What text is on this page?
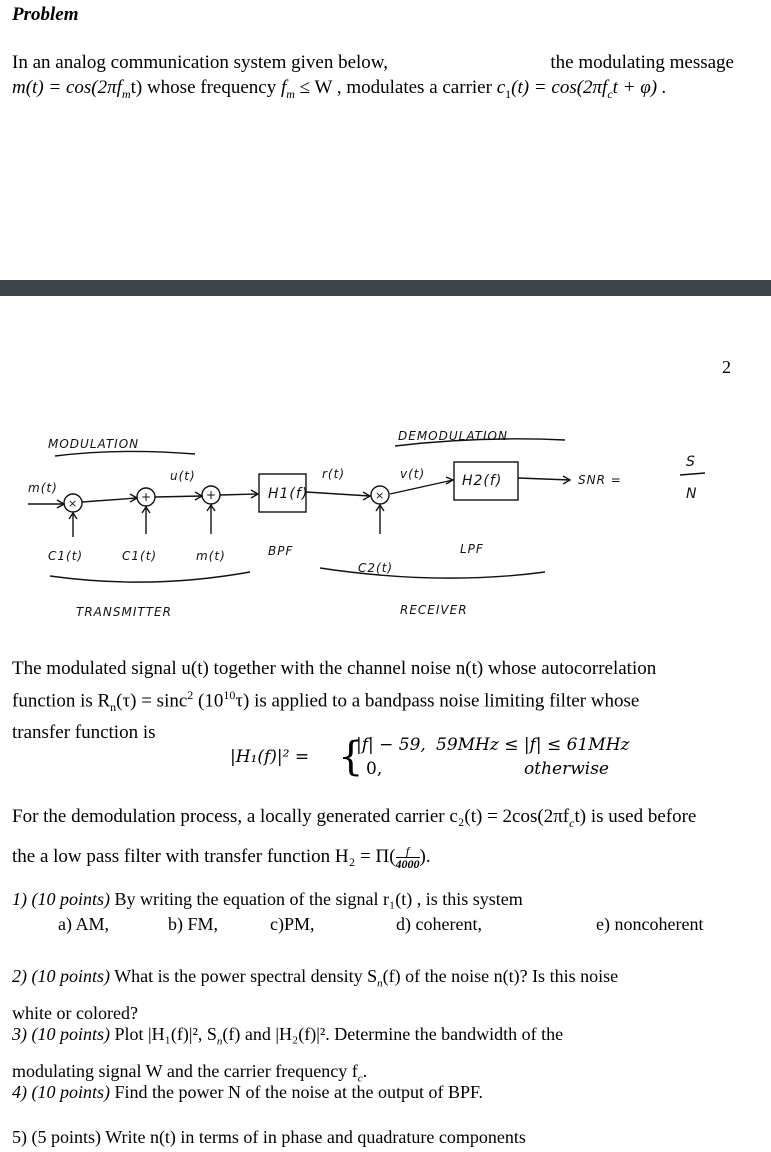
Problem
In an analog communication system given below,	the modulating message
$m(t) = \cos(2\pi f_mt)$ whose frequency $f_m \le W$ , modulates a carrier $c_1(t) = \cos(2\pi f_ct + \varphi)$ .
2
MODULATION
DEMODULATION
m(t)
u(t)	r(t)	v(t)
H1(f)
H2(f)	SNR =
S
N
C1(t)	C1(t)	m(t)	BPF
C2(t)
LPF
TRANSMITTER	RECEIVER
×	+	+	×
The modulated signal u(t) together with the channel noise n(t) whose autocorrelation
function is $R_n(\tau) = \sin c^2$ $(10^{10}\tau)$ is applied to a bandpass noise limiting filter whose
transfer function is
|H₁(f)|² = {
|f| − 59, 59MHz ≤ |f| ≤ 61MHz
0,	otherwise
For the demodulation process, a locally generated carrier $c_2(t) = 2\cos(2\pi f_ct)$ is used before
the a low pass filter with transfer function $H_2 = \Pi( \frac{f}{4000}$ ).
1) (10 points) By writing the equation of the signal r₁(t) , is this system
a) AM,	b) FM,	c)PM,	d) coherent,	e) noncoherent
2) (10 points) What is the power spectral density $S_n(f)$ of the noise n(t)? Is this noise
white or colored?
3) (10 points) Plot |H₁(f)|², $S_n(f)$ and |H₂(f)|². Determine the bandwidth of the
modulating signal W and the carrier frequency $f_c$.
4) (10 points) Find the power N of the noise at the output of BPF.
5) (5 points) Write n(t) in terms of in phase and quadrature components
